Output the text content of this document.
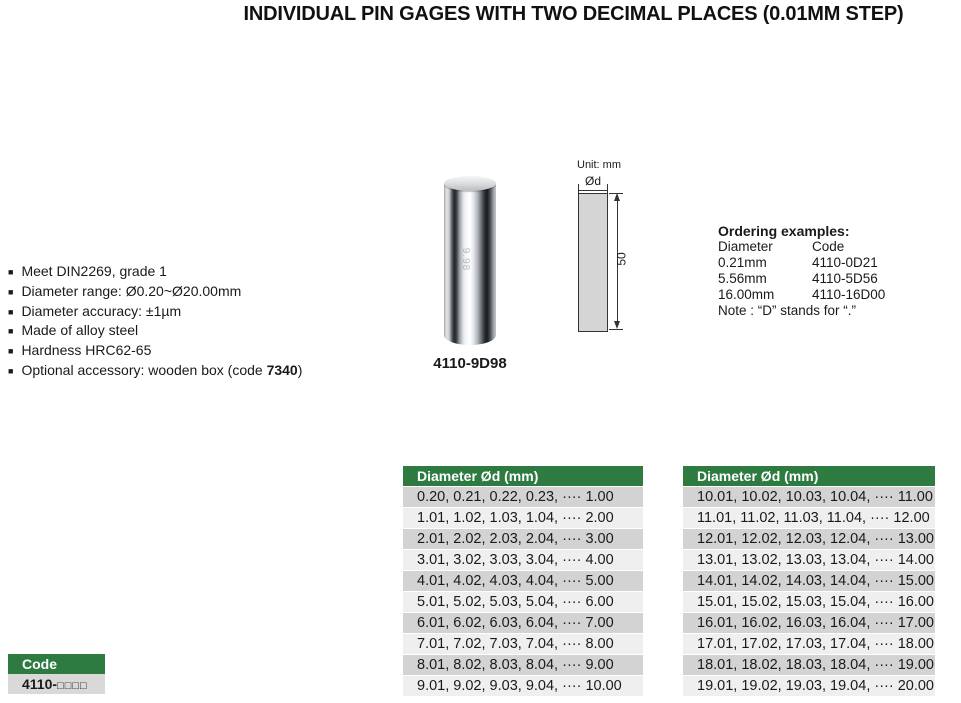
INDIVIDUAL PIN GAGES WITH TWO DECIMAL PLACES (0.01MM STEP)
■ Meet DIN2269, grade 1
■ Diameter range: Ø0.20~Ø20.00mm
■ Diameter accuracy: ±1µm
■ Made of alloy steel
■ Hardness HRC62-65
■ Optional accessory: wooden box (code 7340)
9.98
4110-9D98
Unit: mm
Ød
50
Ordering examples:
Diameter	Code
0.21mm	4110-0D21
5.56mm	4110-5D56
16.00mm	4110-16D00
Note : “D” stands for “.”
Diameter Ød (mm)
0.20, 0.21, 0.22, 0.23, ···· 1.00
1.01, 1.02, 1.03, 1.04, ···· 2.00
2.01, 2.02, 2.03, 2.04, ···· 3.00
3.01, 3.02, 3.03, 3.04, ···· 4.00
4.01, 4.02, 4.03, 4.04, ···· 5.00
5.01, 5.02, 5.03, 5.04, ···· 6.00
6.01, 6.02, 6.03, 6.04, ···· 7.00
7.01, 7.02, 7.03, 7.04, ···· 8.00
8.01, 8.02, 8.03, 8.04, ···· 9.00
9.01, 9.02, 9.03, 9.04, ···· 10.00
Diameter Ød (mm)
10.01, 10.02, 10.03, 10.04, ···· 11.00
11.01, 11.02, 11.03, 11.04, ···· 12.00
12.01, 12.02, 12.03, 12.04, ···· 13.00
13.01, 13.02, 13.03, 13.04, ···· 14.00
14.01, 14.02, 14.03, 14.04, ···· 15.00
15.01, 15.02, 15.03, 15.04, ···· 16.00
16.01, 16.02, 16.03, 16.04, ···· 17.00
17.01, 17.02, 17.03, 17.04, ···· 18.00
18.01, 18.02, 18.03, 18.04, ···· 19.00
19.01, 19.02, 19.03, 19.04, ···· 20.00
Code
4110-□□□□
